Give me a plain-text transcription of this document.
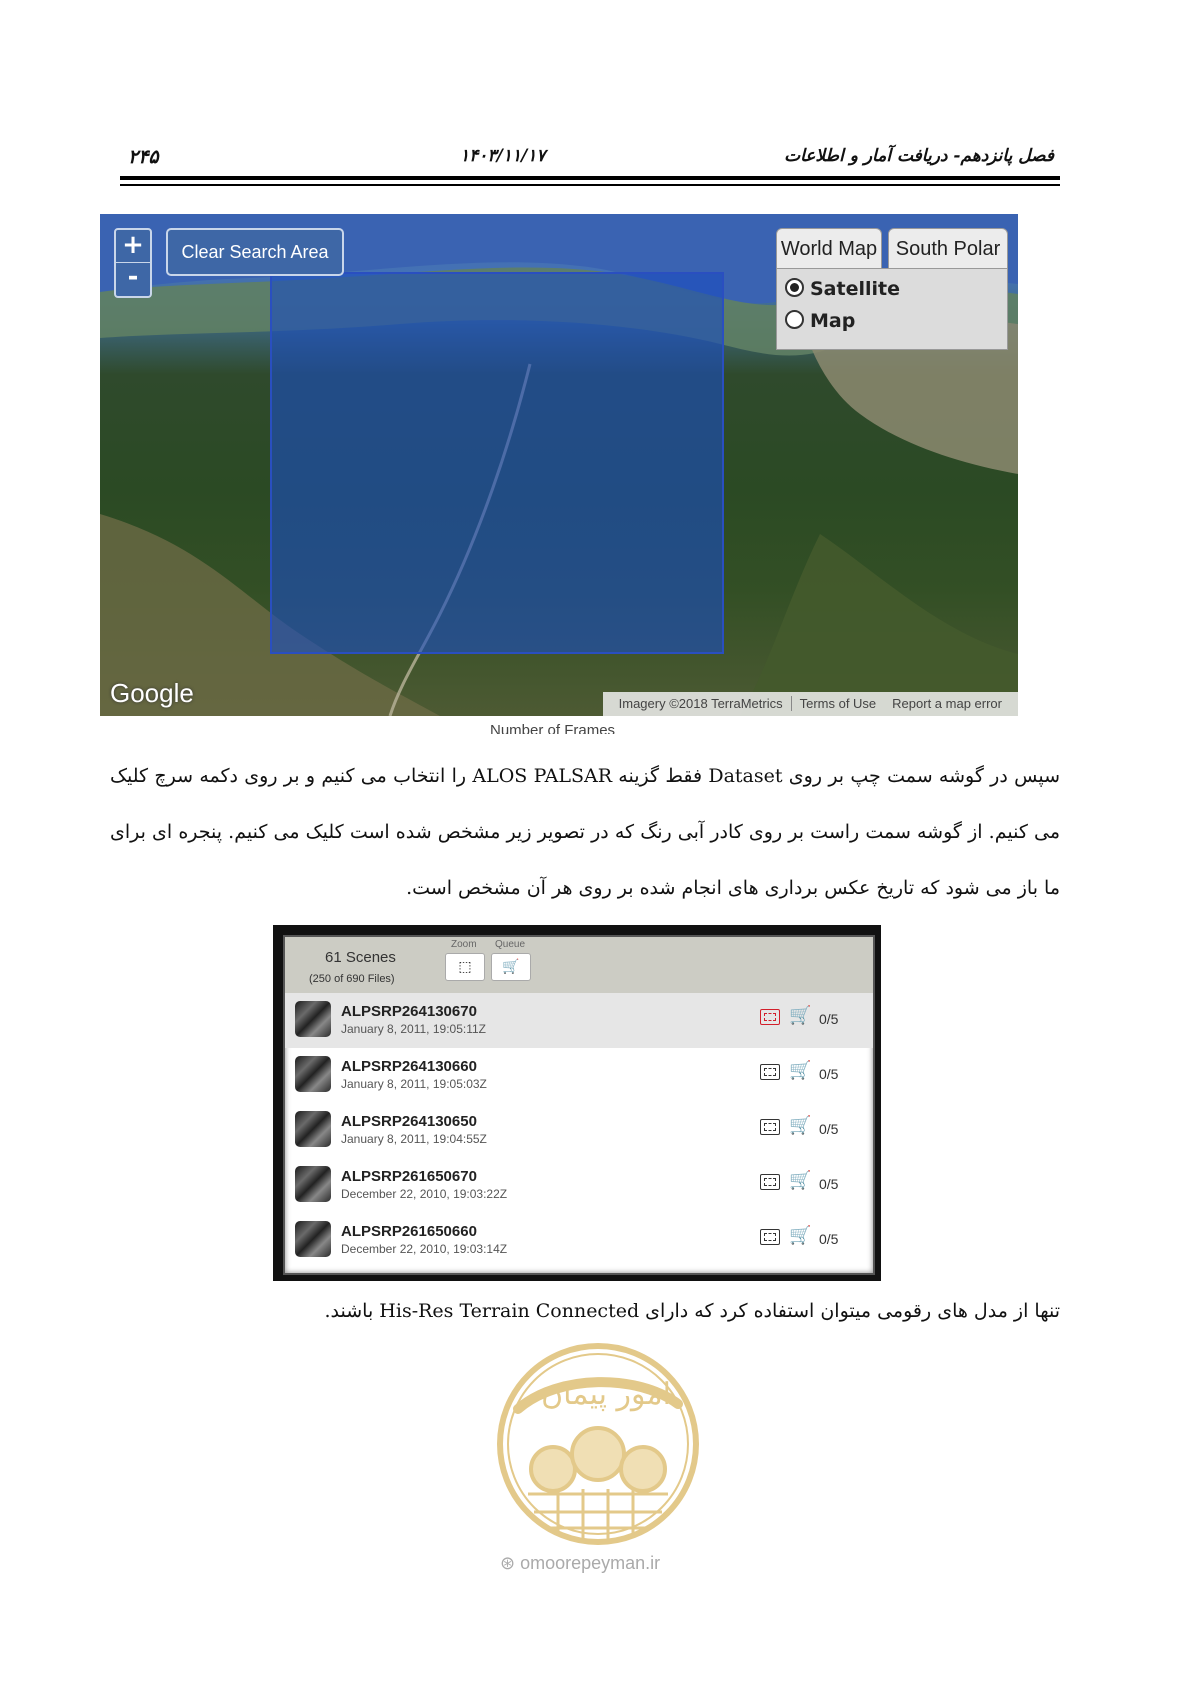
۲۴۵	۱۴۰۳/۱۱/۱۷	فصل پانزدهم- دریافت آمار و اطلاعات
+
-
Clear Search Area	World Map South Polar
Satellite
Map
Google	Imagery ©2018 TerraMetrics Terms of Use Report a map error
Number of Frames
سپس در گوشه سمت چپ بر روی Dataset فقط گزینه ALOS PALSAR را انتخاب می کنیم و بر روی دکمه سرچ کلیک می کنیم. از گوشه سمت راست بر روی کادر آبی رنگ که در تصویر زیر مشخص شده است کلیک می کنیم. پنجره ای برای ما باز می شود که تاریخ عکس برداری های انجام شده بر روی هر آن مشخص است.
61 Scenes
(250 of 690 Files)
Zoom Queue
⬚	🛒
ALPSRP264130670
January 8, 2011, 19:05:11Z
🛒 0/5
ALPSRP264130660
January 8, 2011, 19:05:03Z
🛒 0/5
ALPSRP264130650
January 8, 2011, 19:04:55Z
🛒 0/5
ALPSRP261650670
December 22, 2010, 19:03:22Z
🛒 0/5
ALPSRP261650660
December 22, 2010, 19:03:14Z
🛒 0/5
تنها از مدل های رقومی میتوان استفاده کرد که دارای His-Res Terrain Connected باشند.
امور پیمان
⊛ omoorepeyman.ir
